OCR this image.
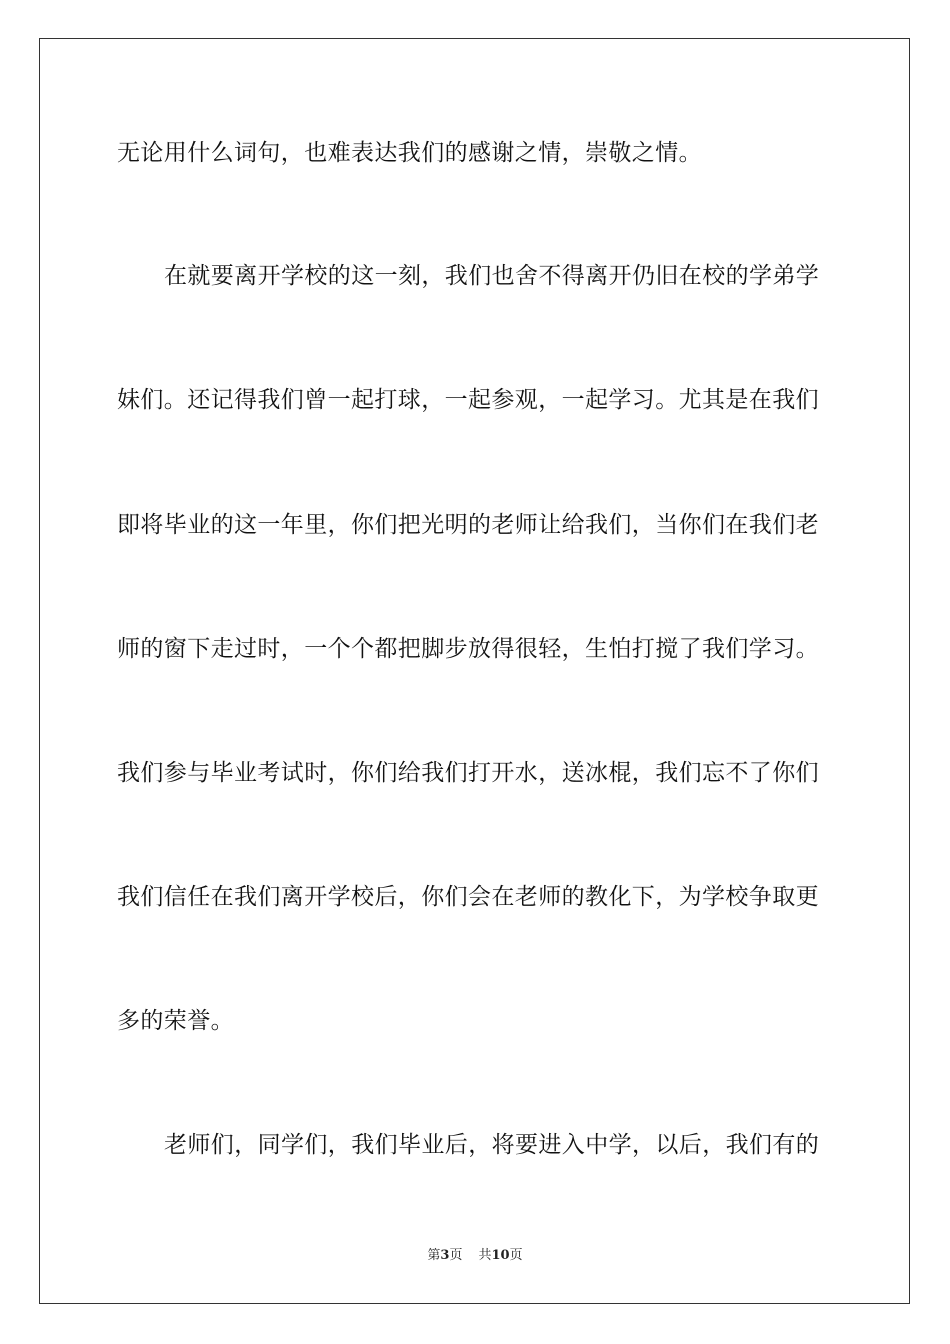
无论用什么词句，也难表达我们的感谢之情，崇敬之情。
在就要离开学校的这一刻，我们也舍不得离开仍旧在校的学弟学
妹们。还记得我们曾一起打球，一起参观，一起学习。尤其是在我们
即将毕业的这一年里，你们把光明的老师让给我们，当你们在我们老
师的窗下走过时，一个个都把脚步放得很轻，生怕打搅了我们学习。
我们参与毕业考试时，你们给我们打开水，送冰棍，我们忘不了你们
我们信任在我们离开学校后，你们会在老师的教化下，为学校争取更
多的荣誉。
老师们，同学们，我们毕业后，将要进入中学，以后，我们有的
第3页 共10页
